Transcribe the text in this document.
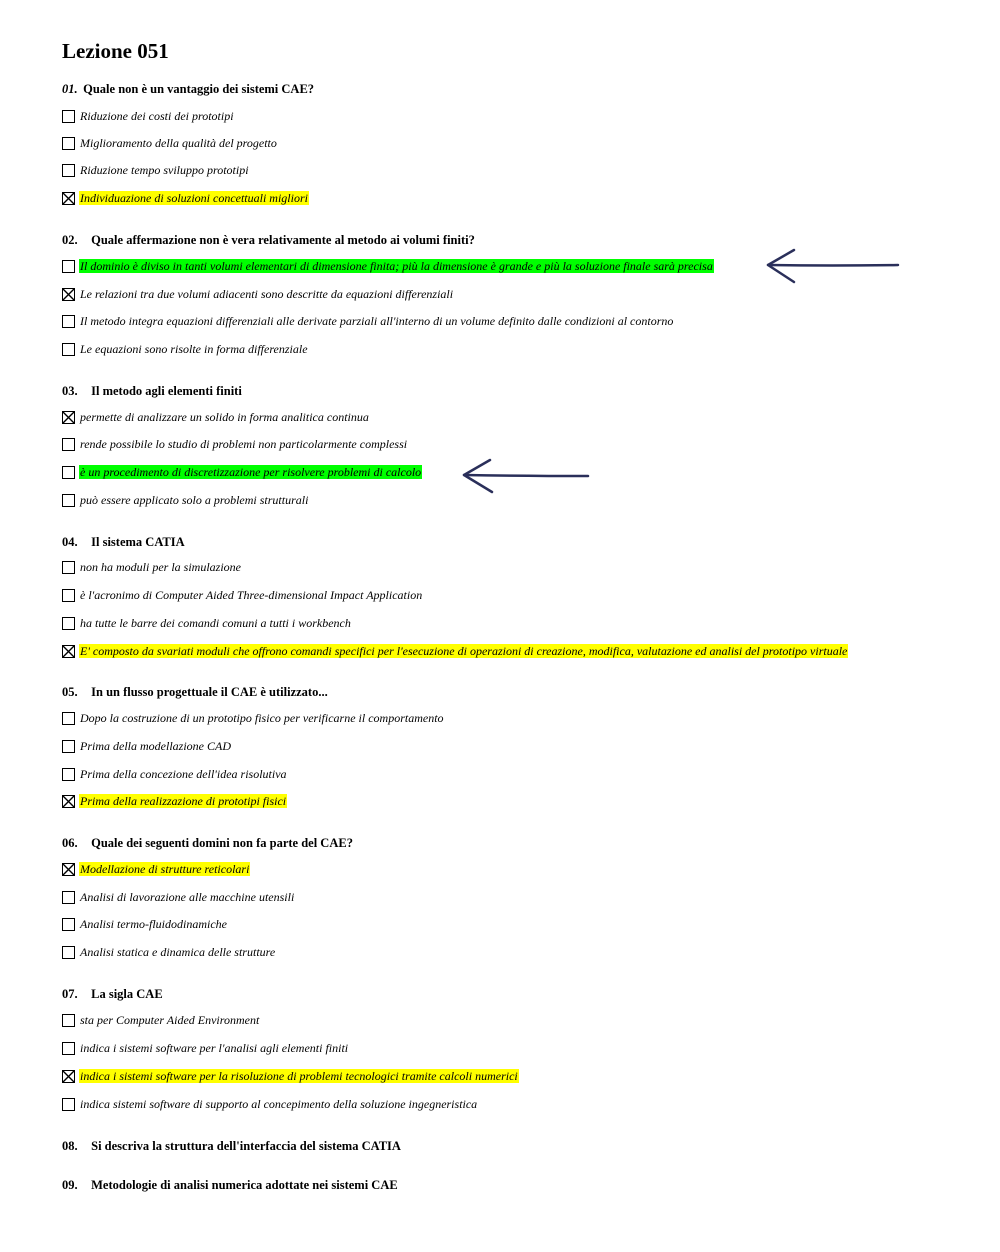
Lezione 051
01. Quale non è un vantaggio dei sistemi CAE?
Riduzione dei costi dei prototipi
Miglioramento della qualità del progetto
Riduzione tempo sviluppo prototipi
Individuazione di soluzioni concettuali migliori
02. Quale affermazione non è vera relativamente al metodo ai volumi finiti?
Il dominio è diviso in tanti volumi elementari di dimensione finita; più la dimensione è grande e più la soluzione finale sarà precisa
Le relazioni tra due volumi adiacenti sono descritte da equazioni differenziali
Il metodo integra equazioni differenziali alle derivate parziali all'interno di un volume definito dalle condizioni al contorno
Le equazioni sono risolte in forma differenziale
03. Il metodo agli elementi finiti
permette di analizzare un solido in forma analitica continua
rende possibile lo studio di problemi non particolarmente complessi
è un procedimento di discretizzazione per risolvere problemi di calcolo
può essere applicato solo a problemi strutturali
04. Il sistema CATIA
non ha moduli per la simulazione
è l'acronimo di Computer Aided Three-dimensional Impact Application
ha tutte le barre dei comandi comuni a tutti i workbench
E' composto da svariati moduli che offrono comandi specifici per l'esecuzione di operazioni di creazione, modifica, valutazione ed analisi del prototipo virtuale
05. In un flusso progettuale il CAE è utilizzato...
Dopo la costruzione di un prototipo fisico per verificarne il comportamento
Prima della modellazione CAD
Prima della concezione dell'idea risolutiva
Prima della realizzazione di prototipi fisici
06. Quale dei seguenti domini non fa parte del CAE?
Modellazione di strutture reticolari
Analisi di lavorazione alle macchine utensili
Analisi termo-fluidodinamiche
Analisi statica e dinamica delle strutture
07. La sigla CAE
sta per Computer Aided Environment
indica i sistemi software per l'analisi agli elementi finiti
indica i sistemi software per la risoluzione di problemi tecnologici tramite calcoli numerici
indica sistemi software di supporto al concepimento della soluzione ingegneristica
08. Si descriva la struttura dell'interfaccia del sistema CATIA
09. Metodologie di analisi numerica adottate nei sistemi CAE
